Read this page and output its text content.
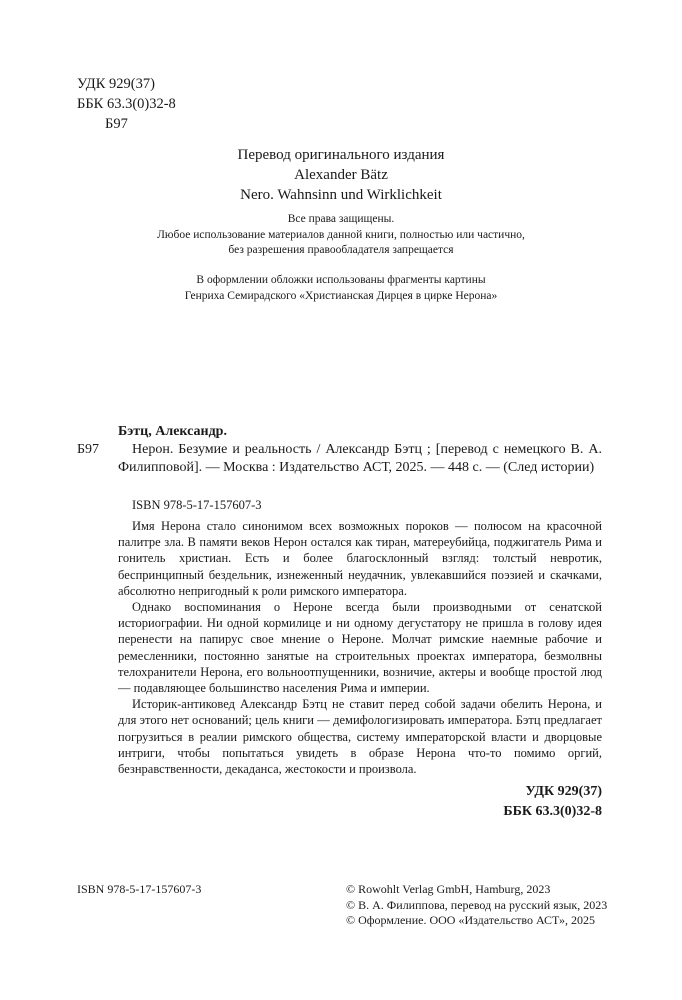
УДК 929(37)
ББК 63.3(0)32-8
Б97
Перевод оригинального издания
Alexander Bätz
Nero. Wahnsinn und Wirklichkeit
Все права защищены.
Любое использование материалов данной книги, полностью или частично,
без разрешения правообладателя запрещается
В оформлении обложки использованы фрагменты картины
Генриха Семирадского «Христианская Дирцея в цирке Нерона»
Бэтц, Александр.
Б97	Нерон. Безумие и реальность / Александр Бэтц ; [перевод с немецкого В. А. Филипповой]. — Москва : Издательство АСТ, 2025. — 448 с. — (След истории)
ISBN 978-5-17-157607-3

Имя Нерона стало синонимом всех возможных пороков — полюсом на красочной палитре зла. В памяти веков Нерон остался как тиран, матереубийца, поджигатель Рима и гонитель христиан. Есть и более благосклонный взгляд: толстый невротик, беспринципный бездельник, изнеженный неудачник, увлекавшийся поэзией и скачками, абсолютно непригодный к роли римского императора.

Однако воспоминания о Нероне всегда были производными от сенатской историографии. Ни одной кормилице и ни одному дегустатору не пришла в голову идея перенести на папирус свое мнение о Нероне. Молчат римские наемные рабочие и ремесленники, постоянно занятые на строительных проектах императора, безмолвны телохранители Нерона, его вольноотпущенники, возничие, актеры и вообще простой люд — подавляющее большинство населения Рима и империи.

Историк-антиковед Александр Бэтц не ставит перед собой задачи обелить Нерона, и для этого нет оснований; цель книги — демифологизировать императора. Бэтц предлагает погрузиться в реалии римского общества, систему императорской власти и дворцовые интриги, чтобы попытаться увидеть в образе Нерона что-то помимо оргий, безнравственности, декаданса, жестокости и произвола.

УДК 929(37)
ББК 63.3(0)32-8
ISBN 978-5-17-157607-3	© Rowohlt Verlag GmbH, Hamburg, 2023
© В. А. Филиппова, перевод на русский язык, 2023
© Оформление. ООО «Издательство АСТ», 2025
